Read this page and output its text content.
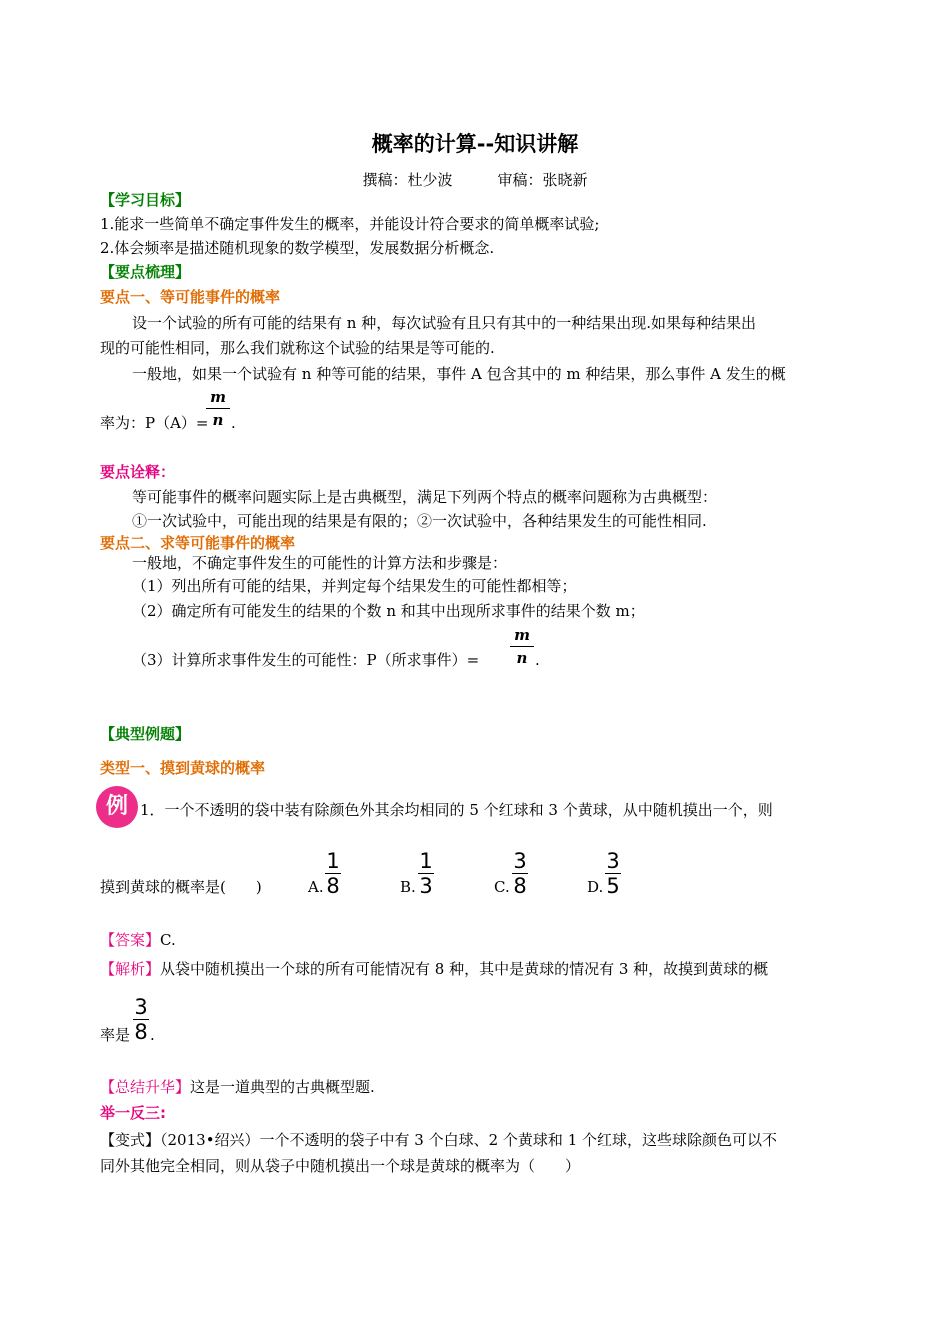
概率的计算--知识讲解
撰稿：杜少波　　　审稿：张晓新
【学习目标】
1.能求一些简单不确定事件发生的概率，并能设计符合要求的简单概率试验;
2.体会频率是描述随机现象的数学模型，发展数据分析概念.
【要点梳理】
要点一、等可能事件的概率
设一个试验的所有可能的结果有 n 种，每次试验有且只有其中的一种结果出现.如果每种结果出
现的可能性相同，那么我们就称这个试验的结果是等可能的.
一般地，如果一个试验有 n 种等可能的结果，事件 A 包含其中的 m 种结果，那么事件 A 发生的概
率为：P（A）=
m
n .
要点诠释：
等可能事件的概率问题实际上是古典概型，满足下列两个特点的概率问题称为古典概型：
①一次试验中，可能出现的结果是有限的；②一次试验中，各种结果发生的可能性相同.
要点二、求等可能事件的概率
一般地，不确定事件发生的可能性的计算方法和步骤是：
（1）列出所有可能的结果，并判定每个结果发生的可能性都相等；
（2）确定所有可能发生的结果的个数 n 和其中出现所求事件的结果个数 m；
（3）计算所求事件发生的可能性：P（所求事件）=
m
n .
【典型例题】
类型一、摸到黄球的概率
例 1．一个不透明的袋中装有除颜色外其余均相同的 5 个红球和 3 个黄球，从中随机摸出一个，则
摸到黄球的概率是(　　)	A.
1
8	B.
1
3	C.
3
8	D.
3
5
【答案】C.
【解析】从袋中随机摸出一个球的所有可能情况有 8 种，其中是黄球的情况有 3 种，故摸到黄球的概
率是
3
8 .
【总结升华】这是一道典型的古典概型题.
举一反三:
【变式】（2013•绍兴）一个不透明的袋子中有 3 个白球、2 个黄球和 1 个红球，这些球除颜色可以不
同外其他完全相同，则从袋子中随机摸出一个球是黄球的概率为（　　）
